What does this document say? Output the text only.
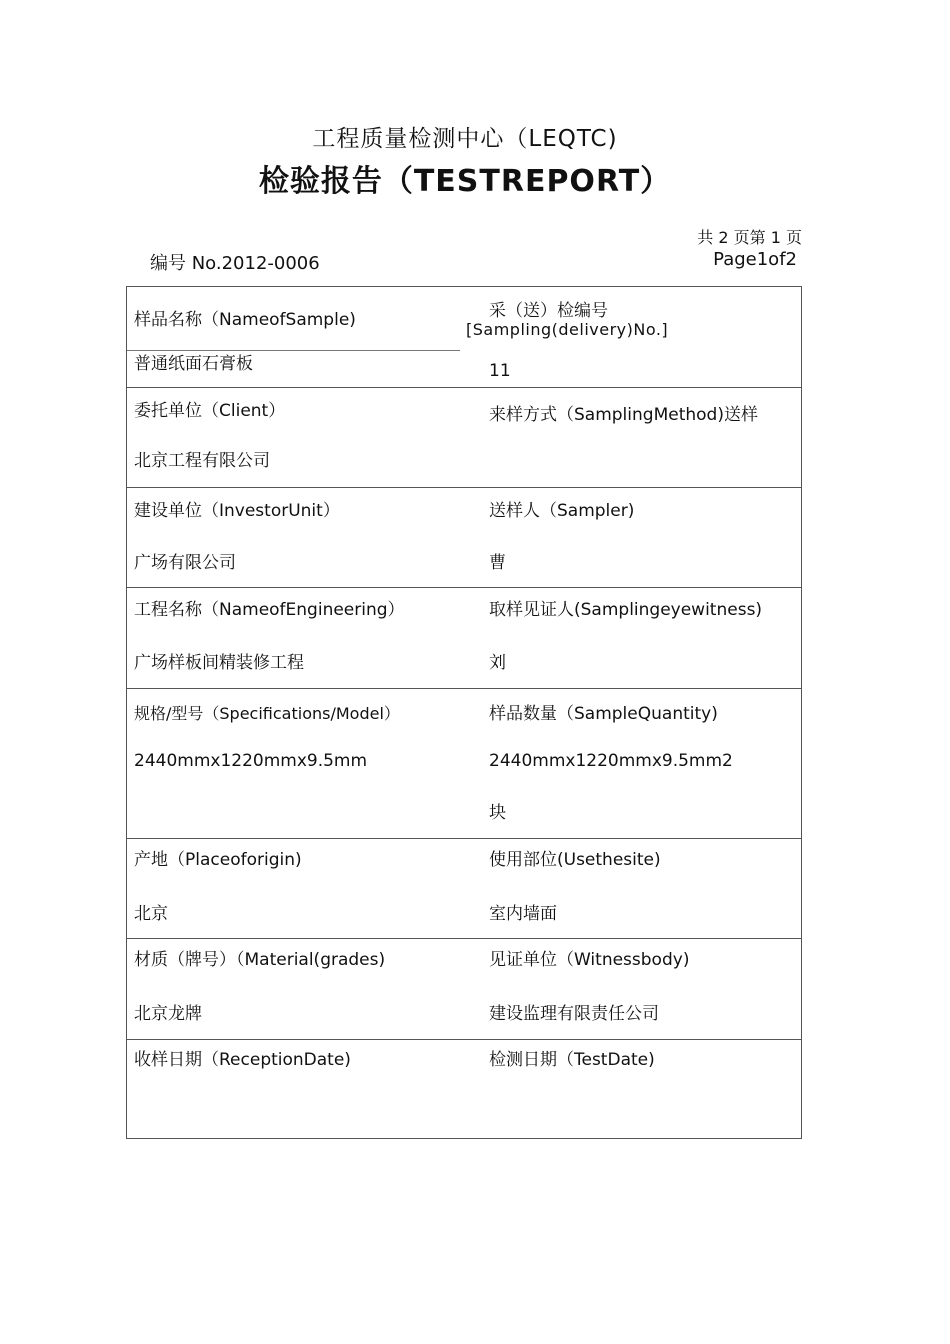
工程质量检测中心（LEQTC)
检验报告（TESTREPORT）
共 2 页第 1 页
编号 No.2012-0006	Page1of2
样品名称（NameofSample)
普通纸面石膏板
采（送）检编号
[Sampling(delivery)No.]
11
委托单位（Client）
北京工程有限公司
来样方式（SamplingMethod)送样
建设单位（InvestorUnit）
广场有限公司
送样人（Sampler)
曹
工程名称（NameofEngineering）
广场样板间精装修工程
取样见证人(Samplingeyewitness)
刘
规格/型号（Specifications/Model）
2440mmx1220mmx9.5mm
样品数量（SampleQuantity)
2440mmx1220mmx9.5mm2
块
产地（Placeoforigin)
北京
使用部位(Usethesite)
室内墙面
材质（牌号）（Material(grades)
北京龙牌
见证单位（Witnessbody)
建设监理有限责任公司
收样日期（ReceptionDate)	检测日期（TestDate)
